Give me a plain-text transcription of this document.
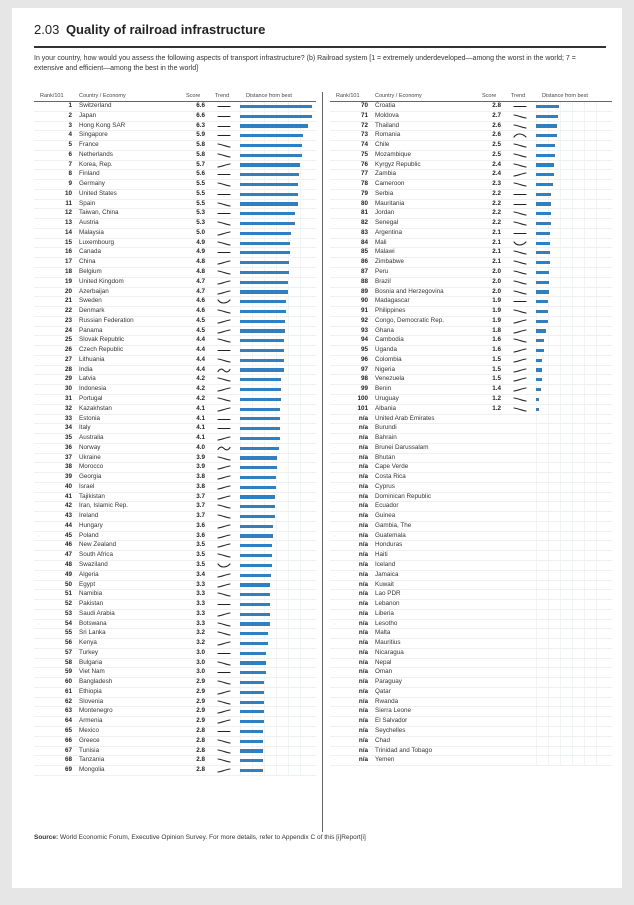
2.03 Quality of railroad infrastructure
In your country, how would you assess the following aspects of transport infrastructure? (b) Railroad system [1 = extremely underdeveloped—among the worst in the world; 7 = extensive and efficient—among the best in the world]
Rank/101	Country / Economy	Score	Trend	Distance from best
1 Switzerland	6.6
2 Japan	6.6
3 Hong Kong SAR	6.3
4 Singapore	5.9
5 France	5.8
6 Netherlands	5.8
7 Korea, Rep.	5.7
8 Finland	5.6
9 Germany	5.5
10 United States	5.5
11 Spain	5.5
12 Taiwan, China	5.3
13 Austria	5.3
14 Malaysia	5.0
15 Luxembourg	4.9
16 Canada	4.9
17 China	4.8
18 Belgium	4.8
19 United Kingdom	4.7
20 Azerbaijan	4.7
21 Sweden	4.6
22 Denmark	4.6
23 Russian Federation	4.5
24 Panama	4.5
25 Slovak Republic	4.4
26 Czech Republic	4.4
27 Lithuania	4.4
28 India	4.4
29 Latvia	4.2
30 Indonesia	4.2
31 Portugal	4.2
32 Kazakhstan	4.1
33 Estonia	4.1
34 Italy	4.1
35 Australia	4.1
36 Norway	4.0
37 Ukraine	3.9
38 Morocco	3.9
39 Georgia	3.8
40 Israel	3.8
41 Tajikistan	3.7
42 Iran, Islamic Rep.	3.7
43 Ireland	3.7
44 Hungary	3.6
45 Poland	3.6
46 New Zealand	3.5
47 South Africa	3.5
48 Swaziland	3.5
49 Algeria	3.4
50 Egypt	3.3
51 Namibia	3.3
52 Pakistan	3.3
53 Saudi Arabia	3.3
54 Botswana	3.3
55 Sri Lanka	3.2
56 Kenya	3.2
57 Turkey	3.0
58 Bulgaria	3.0
59 Viet Nam	3.0
60 Bangladesh	2.9
61 Ethiopia	2.9
62 Slovenia	2.9
63 Montenegro	2.9
64 Armenia	2.9
65 Mexico	2.8
66 Greece	2.8
67 Tunisia	2.8
68 Tanzania	2.8
69 Mongolia	2.8
Rank/101	Country / Economy	Score	Trend	Distance from best
70 Croatia	2.8
71 Moldova	2.7
72 Thailand	2.6
73 Romania	2.6
74 Chile	2.5
75 Mozambique	2.5
76 Kyrgyz Republic	2.4
77 Zambia	2.4
78 Cameroon	2.3
79 Serbia	2.2
80 Mauritania	2.2
81 Jordan	2.2
82 Senegal	2.2
83 Argentina	2.1
84 Mali	2.1
85 Malawi	2.1
86 Zimbabwe	2.1
87 Peru	2.0
88 Brazil	2.0
89 Bosnia and Herzegovina	2.0
90 Madagascar	1.9
91 Philippines	1.9
92 Congo, Democratic Rep.	1.9
93 Ghana	1.8
94 Cambodia	1.6
95 Uganda	1.6
96 Colombia	1.5
97 Nigeria	1.5
98 Venezuela	1.5
99 Benin	1.4
100 Uruguay	1.2
101 Albania	1.2
n/a United Arab Emirates
n/a Burundi
n/a Bahrain
n/a Brunei Darussalam
n/a Bhutan
n/a Cape Verde
n/a Costa Rica
n/a Cyprus
n/a Dominican Republic
n/a Ecuador
n/a Guinea
n/a Gambia, The
n/a Guatemala
n/a Honduras
n/a Haiti
n/a Iceland
n/a Jamaica
n/a Kuwait
n/a Lao PDR
n/a Lebanon
n/a Liberia
n/a Lesotho
n/a Malta
n/a Mauritius
n/a Nicaragua
n/a Nepal
n/a Oman
n/a Paraguay
n/a Qatar
n/a Rwanda
n/a Sierra Leone
n/a El Salvador
n/a Seychelles
n/a Chad
n/a Trinidad and Tobago
n/a Yemen
Source: World Economic Forum, Executive Opinion Survey. For more details, refer to Appendix C of this [i]Report[i]
